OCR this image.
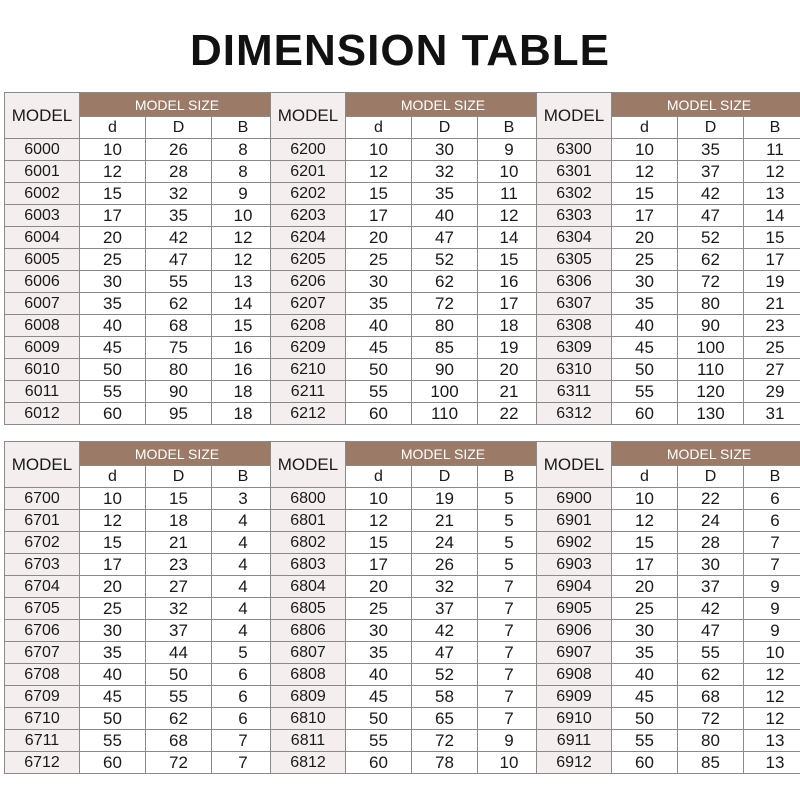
DIMENSION TABLE
MODEL
MODEL SIZE
d	D	B
6000	10	26	8
6001	12	28	8
6002	15	32	9
6003	17	35	10
6004	20	42	12
6005	25	47	12
6006	30	55	13
6007	35	62	14
6008	40	68	15
6009	45	75	16
6010	50	80	16
6011	55	90	18
6012	60	95	18
MODEL
MODEL SIZE
d	D	B
6200	10	30	9
6201	12	32	10
6202	15	35	11
6203	17	40	12
6204	20	47	14
6205	25	52	15
6206	30	62	16
6207	35	72	17
6208	40	80	18
6209	45	85	19
6210	50	90	20
6211	55	100	21
6212	60	110	22
MODEL
MODEL SIZE
d	D	B
6300	10	35	11
6301	12	37	12
6302	15	42	13
6303	17	47	14
6304	20	52	15
6305	25	62	17
6306	30	72	19
6307	35	80	21
6308	40	90	23
6309	45	100	25
6310	50	110	27
6311	55	120	29
6312	60	130	31
MODEL
MODEL SIZE
d	D	B
6700	10	15	3
6701	12	18	4
6702	15	21	4
6703	17	23	4
6704	20	27	4
6705	25	32	4
6706	30	37	4
6707	35	44	5
6708	40	50	6
6709	45	55	6
6710	50	62	6
6711	55	68	7
6712	60	72	7
MODEL
MODEL SIZE
d	D	B
6800	10	19	5
6801	12	21	5
6802	15	24	5
6803	17	26	5
6804	20	32	7
6805	25	37	7
6806	30	42	7
6807	35	47	7
6808	40	52	7
6809	45	58	7
6810	50	65	7
6811	55	72	9
6812	60	78	10
MODEL
MODEL SIZE
d	D	B
6900	10	22	6
6901	12	24	6
6902	15	28	7
6903	17	30	7
6904	20	37	9
6905	25	42	9
6906	30	47	9
6907	35	55	10
6908	40	62	12
6909	45	68	12
6910	50	72	12
6911	55	80	13
6912	60	85	13
